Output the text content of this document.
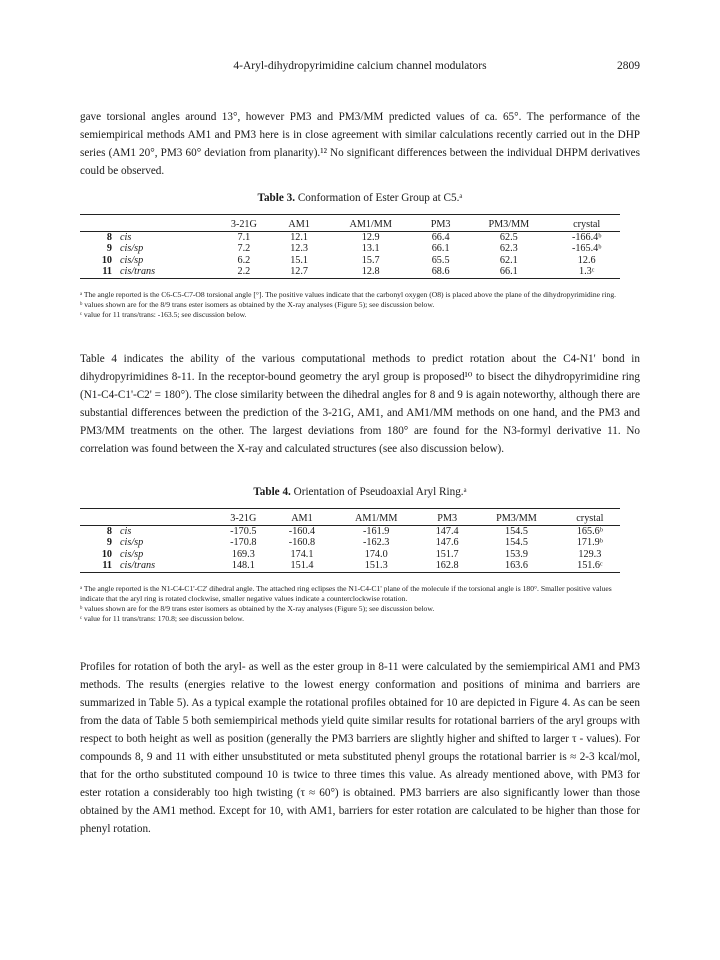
4-Aryl-dihydropyrimidine calcium channel modulators	2809

gave torsional angles around 13°, however PM3 and PM3/MM predicted values of ca. 65°. The performance of the semiempirical methods AM1 and PM3 here is in close agreement with similar calculations recently carried out in the DHP series (AM1 20°, PM3 60° deviation from planarity).¹² No significant differences between the individual DHPM derivatives could be observed.

Table 3. Conformation of Ester Group at C5.ᵃ

		3-21G	AM1	AM1/MM	PM3	PM3/MM	crystal
8	cis	7.1	12.1	12.9	66.4	62.5	-166.4ᵇ
9	cis/sp	7.2	12.3	13.1	66.1	62.3	-165.4ᵇ
10	cis/sp	6.2	15.1	15.7	65.5	62.1	12.6
11	cis/trans	2.2	12.7	12.8	68.6	66.1	1.3ᶜ

ᵃ The angle reported is the C6-C5-C7-O8 torsional angle [°]. The positive values indicate that the carbonyl oxygen (O8) is placed above the plane of the dihydropyrimidine ring.

ᵇ values shown are for the 8/9 trans ester isomers as obtained by the X-ray analyses (Figure 5); see discussion below.

ᶜ value for 11 trans/trans: -163.5; see discussion below.

Table 4 indicates the ability of the various computational methods to predict rotation about the C4-N1' bond in dihydropyrimidines 8-11. In the receptor-bound geometry the aryl group is proposed¹⁰ to bisect the dihydropyrimidine ring (N1-C4-C1'-C2' = 180°). The close similarity between the dihedral angles for 8 and 9 is again noteworthy, although there are substantial differences between the prediction of the 3-21G, AM1, and AM1/MM methods on one hand, and the PM3 and PM3/MM treatments on the other. The largest deviations from 180° are found for the N3-formyl derivative 11. No correlation was found between the X-ray and calculated structures (see also discussion below).

Table 4. Orientation of Pseudoaxial Aryl Ring.ᵃ

		3-21G	AM1	AM1/MM	PM3	PM3/MM	crystal
8	cis	-170.5	-160.4	-161.9	147.4	154.5	165.6ᵇ
9	cis/sp	-170.8	-160.8	-162.3	147.6	154.5	171.9ᵇ
10	cis/sp	169.3	174.1	174.0	151.7	153.9	129.3
11	cis/trans	148.1	151.4	151.3	162.8	163.6	151.6ᶜ

ᵃ The angle reported is the N1-C4-C1'-C2' dihedral angle. The attached ring eclipses the N1-C4-C1' plane of the molecule if the torsional angle is 180°. Smaller positive values indicate that the aryl ring is rotated clockwise, smaller negative values indicate a counterclockwise rotation.

ᵇ values shown are for the 8/9 trans ester isomers as obtained by the X-ray analyses (Figure 5); see discussion below.

ᶜ value for 11 trans/trans: 170.8; see discussion below.

Profiles for rotation of both the aryl- as well as the ester group in 8-11 were calculated by the semiempirical AM1 and PM3 methods. The results (energies relative to the lowest energy conformation and positions of minima and barriers are summarized in Table 5). As a typical example the rotational profiles obtained for 10 are depicted in Figure 4. As can be seen from the data of Table 5 both semiempirical methods yield quite similar results for rotational barriers of the aryl groups with respect to both height as well as position (generally the PM3 barriers are slightly higher and shifted to larger τ - values). For compounds 8, 9 and 11 with either unsubstituted or meta substituted phenyl groups the rotational barrier is ≈ 2-3 kcal/mol, that for the ortho substituted compound 10 is twice to three times this value. As already mentioned above, with PM3 for ester rotation a considerably too high twisting (τ ≈ 60°) is obtained. PM3 barriers are also significantly lower than those obtained by the AM1 method. Except for 10, with AM1, barriers for ester rotation are calculated to be higher than those for phenyl rotation.
